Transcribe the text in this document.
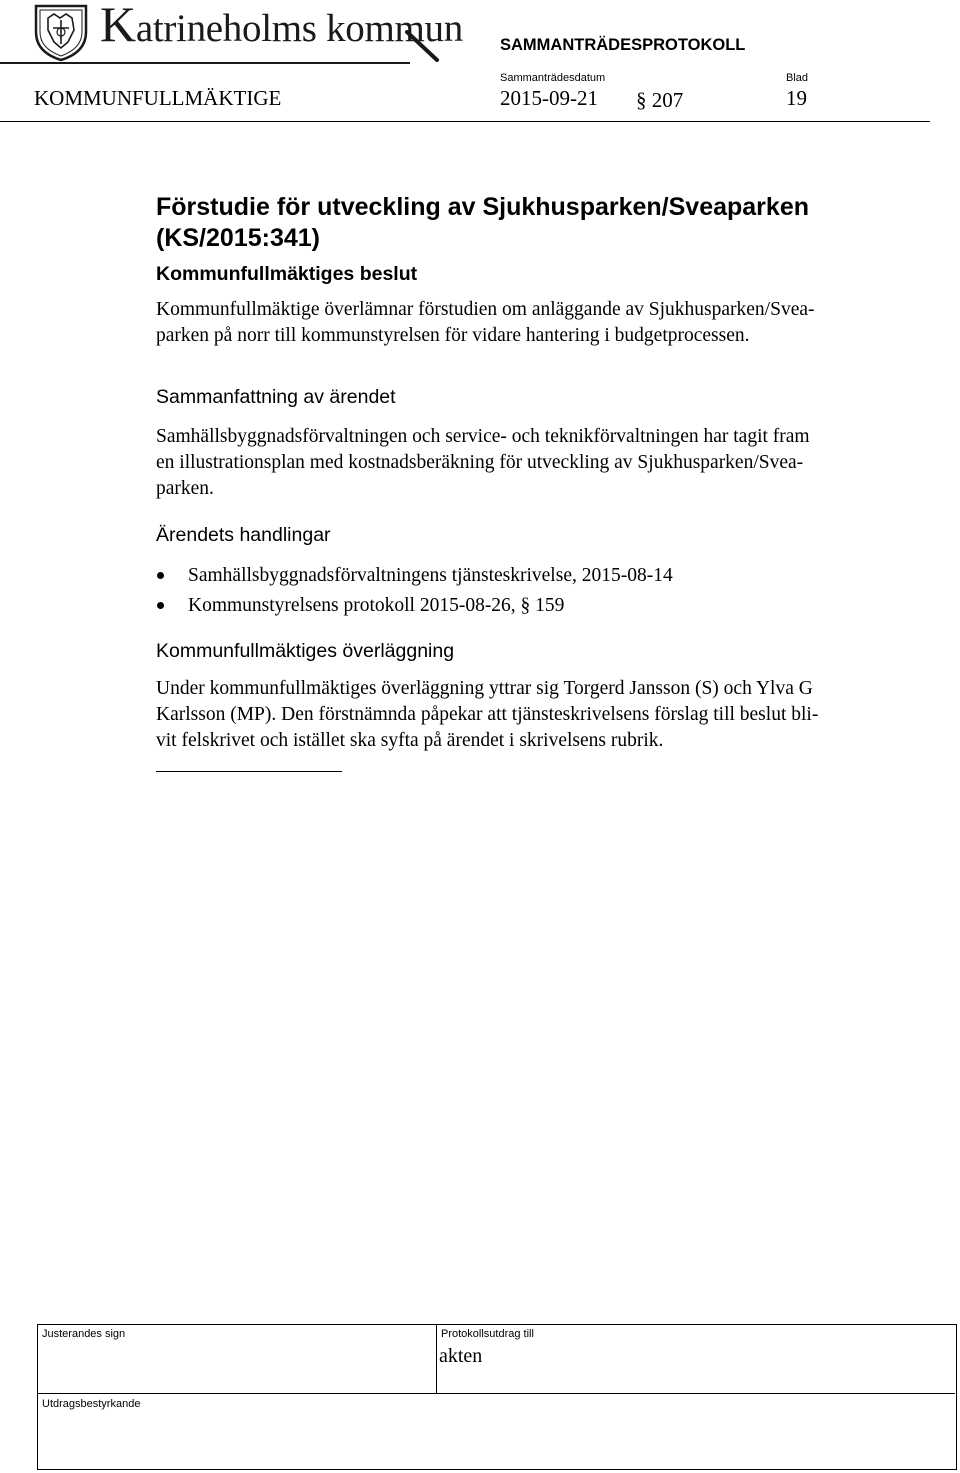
Katrineholms kommun SAMMANTRÄDESPROTOKOLL
Sammanträdesdatum	Blad
KOMMUNFULLMÄKTIGE	2015-09-21 § 207	19
Förstudie för utveckling av Sjukhusparken/Sveaparken
(KS/2015:341)
Kommunfullmäktiges beslut
Kommunfullmäktige överlämnar förstudien om anläggande av Sjukhusparken/Svea-
parken på norr till kommunstyrelsen för vidare hantering i budgetprocessen.
Sammanfattning av ärendet
Samhällsbyggnadsförvaltningen och service- och teknikförvaltningen har tagit fram
en illustrationsplan med kostnadsberäkning för utveckling av Sjukhusparken/Svea-
parken.
Ärendets handlingar
Samhällsbyggnadsförvaltningens tjänsteskrivelse, 2015-08-14
Kommunstyrelsens protokoll 2015-08-26, § 159
Kommunfullmäktiges överläggning
Under kommunfullmäktiges överläggning yttrar sig Torgerd Jansson (S) och Ylva G
Karlsson (MP). Den förstnämnda påpekar att tjänsteskrivelsens förslag till beslut bli-
vit felskrivet och istället ska syfta på ärendet i skrivelsens rubrik.
Justerandes sign	Protokollsutdrag till
akten
Utdragsbestyrkande
